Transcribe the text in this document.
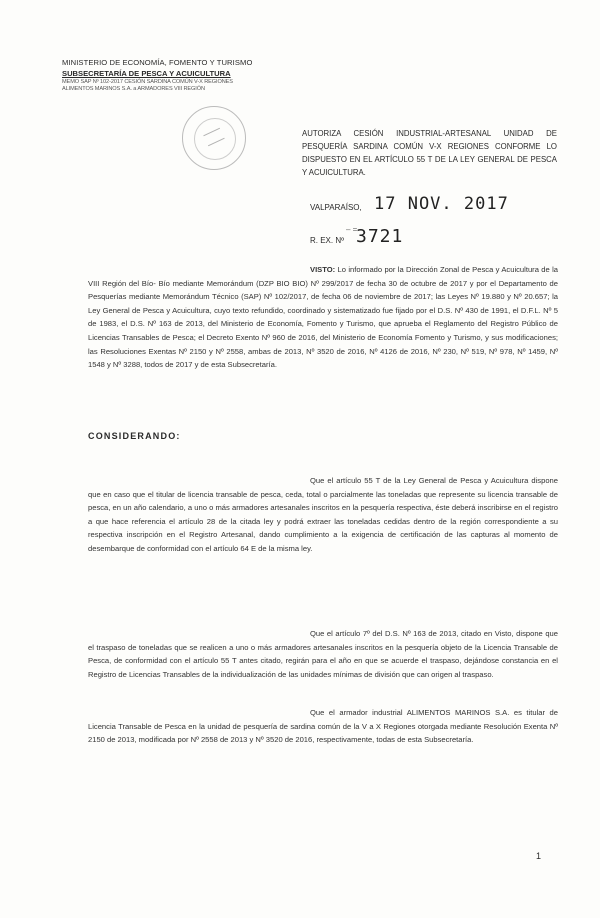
MINISTERIO DE ECONOMÍA, FOMENTO Y TURISMO
SUBSECRETARÍA DE PESCA Y ACUICULTURA
MEMO SAP Nº 102-2017 CESIÓN SARDINA COMÚN V-X REGIONES
ALIMENTOS MARINOS S.A. a ARMADORES VIII REGIÓN
AUTORIZA CESIÓN INDUSTRIAL-ARTESANAL UNIDAD DE PESQUERÍA SARDINA COMÚN V-X REGIONES CONFORME LO DISPUESTO EN EL ARTÍCULO 55 T DE LA LEY GENERAL DE PESCA Y ACUICULTURA.
VALPARAÍSO, 17 NOV. 2017
– =
R. EX. Nº 3721
VISTO: Lo informado por la Dirección Zonal de Pesca y Acuicultura de la VIII Región del Bío- Bío mediante Memorándum (DZP BIO BIO) Nº 299/2017 de fecha 30 de octubre de 2017 y por el Departamento de Pesquerías mediante Memorándum Técnico (SAP) Nº 102/2017, de fecha 06 de noviembre de 2017; las Leyes Nº 19.880 y Nº 20.657; la Ley General de Pesca y Acuicultura, cuyo texto refundido, coordinado y sistematizado fue fijado por el D.S. Nº 430 de 1991, el D.F.L. Nº 5 de 1983, el D.S. Nº 163 de 2013, del Ministerio de Economía, Fomento y Turismo, que aprueba el Reglamento del Registro Público de Licencias Transables de Pesca; el Decreto Exento Nº 960 de 2016, del Ministerio de Economía Fomento y Turismo, y sus modificaciones; las Resoluciones Exentas Nº 2150 y Nº 2558, ambas de 2013, Nº 3520 de 2016, Nº 4126 de 2016, Nº 230, Nº 519, Nº 978, Nº 1459, Nº 1548 y Nº 3288, todos de 2017 y de esta Subsecretaría.
CONSIDERANDO:
Que el artículo 55 T de la Ley General de Pesca y Acuicultura dispone que en caso que el titular de licencia transable de pesca, ceda, total o parcialmente las toneladas que represente su licencia transable de pesca, en un año calendario, a uno o más armadores artesanales inscritos en la pesquería respectiva, éste deberá inscribirse en el registro a que hace referencia el artículo 28 de la citada ley y podrá extraer las toneladas cedidas dentro de la región correspondiente a su respectiva inscripción en el Registro Artesanal, dando cumplimiento a la exigencia de certificación de las capturas al momento de desembarque de conformidad con el artículo 64 E de la misma ley.
Que el artículo 7º del D.S. Nº 163 de 2013, citado en Visto, dispone que el traspaso de toneladas que se realicen a uno o más armadores artesanales inscritos en la pesquería objeto de la Licencia Transable de Pesca, de conformidad con el artículo 55 T antes citado, regirán para el año en que se acuerde el traspaso, dejándose constancia en el Registro de Licencias Transables de la individualización de las unidades mínimas de división que can origen al traspaso.
Que el armador industrial ALIMENTOS MARINOS S.A. es titular de Licencia Transable de Pesca en la unidad de pesquería de sardina común de la V a X Regiones otorgada mediante Resolución Exenta Nº 2150 de 2013, modificada por Nº 2558 de 2013 y Nº 3520 de 2016, respectivamente, todas de esta Subsecretaría.
1
